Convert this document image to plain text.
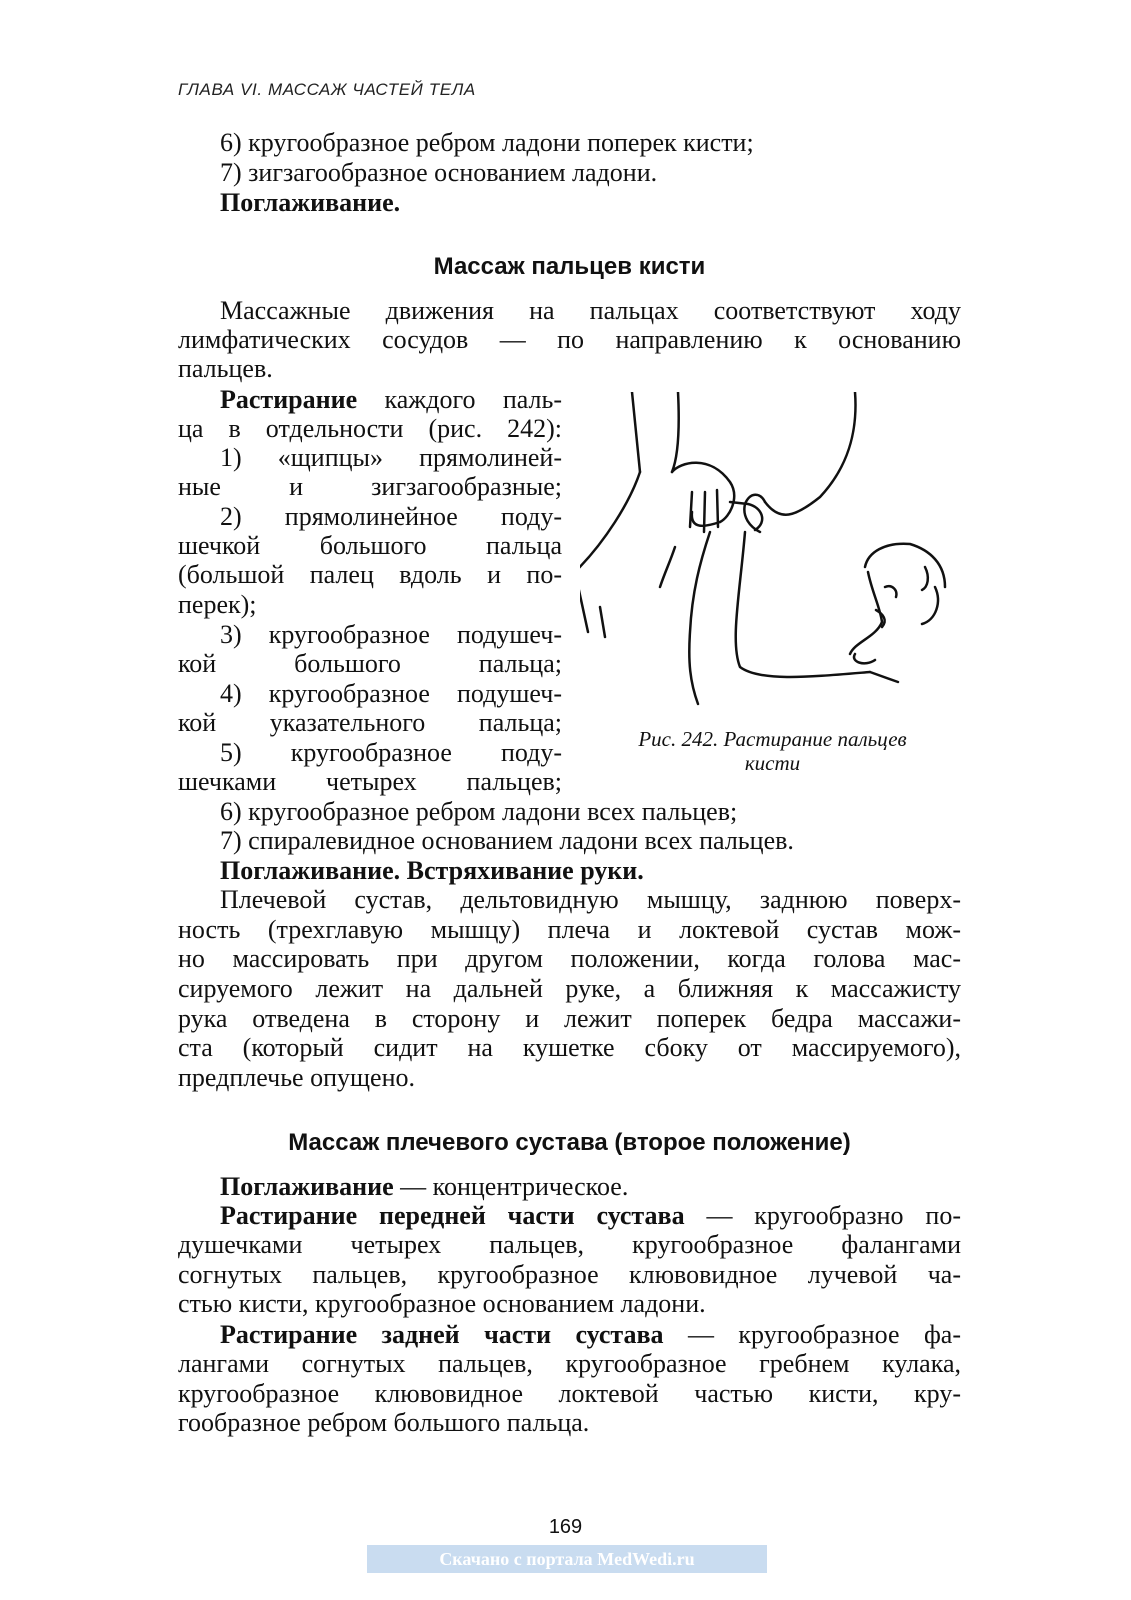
ГЛАВА VI. МАССАЖ ЧАСТЕЙ ТЕЛА
6) кругообразное ребром ладони поперек кисти;
7) зигзагообразное основанием ладони.
Поглаживание.
Массаж пальцев кисти
Массажные движения на пальцах соответствуют ходу
лимфатических сосудов — по направлению к основанию
пальцев.
Растирание каждого паль-
ца в отдельности (рис. 242):
1) «щипцы» прямолиней-
ные и зигзагообразные;
2) прямолинейное поду-
шечкой большого пальца
(большой палец вдоль и по-
перек);
3) кругообразное подушеч-
кой большого пальца;
4) кругообразное подушеч-
кой указательного пальца;
5) кругообразное поду-
шечками четырех пальцев;
Рис. 242. Растирание пальцев
кисти
6) кругообразное ребром ладони всех пальцев;
7) спиралевидное основанием ладони всех пальцев.
Поглаживание. Встряхивание руки.
Плечевой сустав, дельтовидную мышцу, заднюю поверх-
ность (трехглавую мышцу) плеча и локтевой сустав мож-
но массировать при другом положении, когда голова мас-
сируемого лежит на дальней руке, а ближняя к массажисту
рука отведена в сторону и лежит поперек бедра массажи-
ста (который сидит на кушетке сбоку от массируемого),
предплечье опущено.
Массаж плечевого сустава (второе положение)
Поглаживание — концентрическое.
Растирание передней части сустава — кругообразно по-
душечками четырех пальцев, кругообразное фалангами
согнутых пальцев, кругообразное клювовидное лучевой ча-
стью кисти, кругообразное основанием ладони.
Растирание задней части сустава — кругообразное фа-
лангами согнутых пальцев, кругообразное гребнем кулака,
кругообразное клювовидное локтевой частью кисти, кру-
гообразное ребром большого пальца.
169
Скачано с портала MedWedi.ru
